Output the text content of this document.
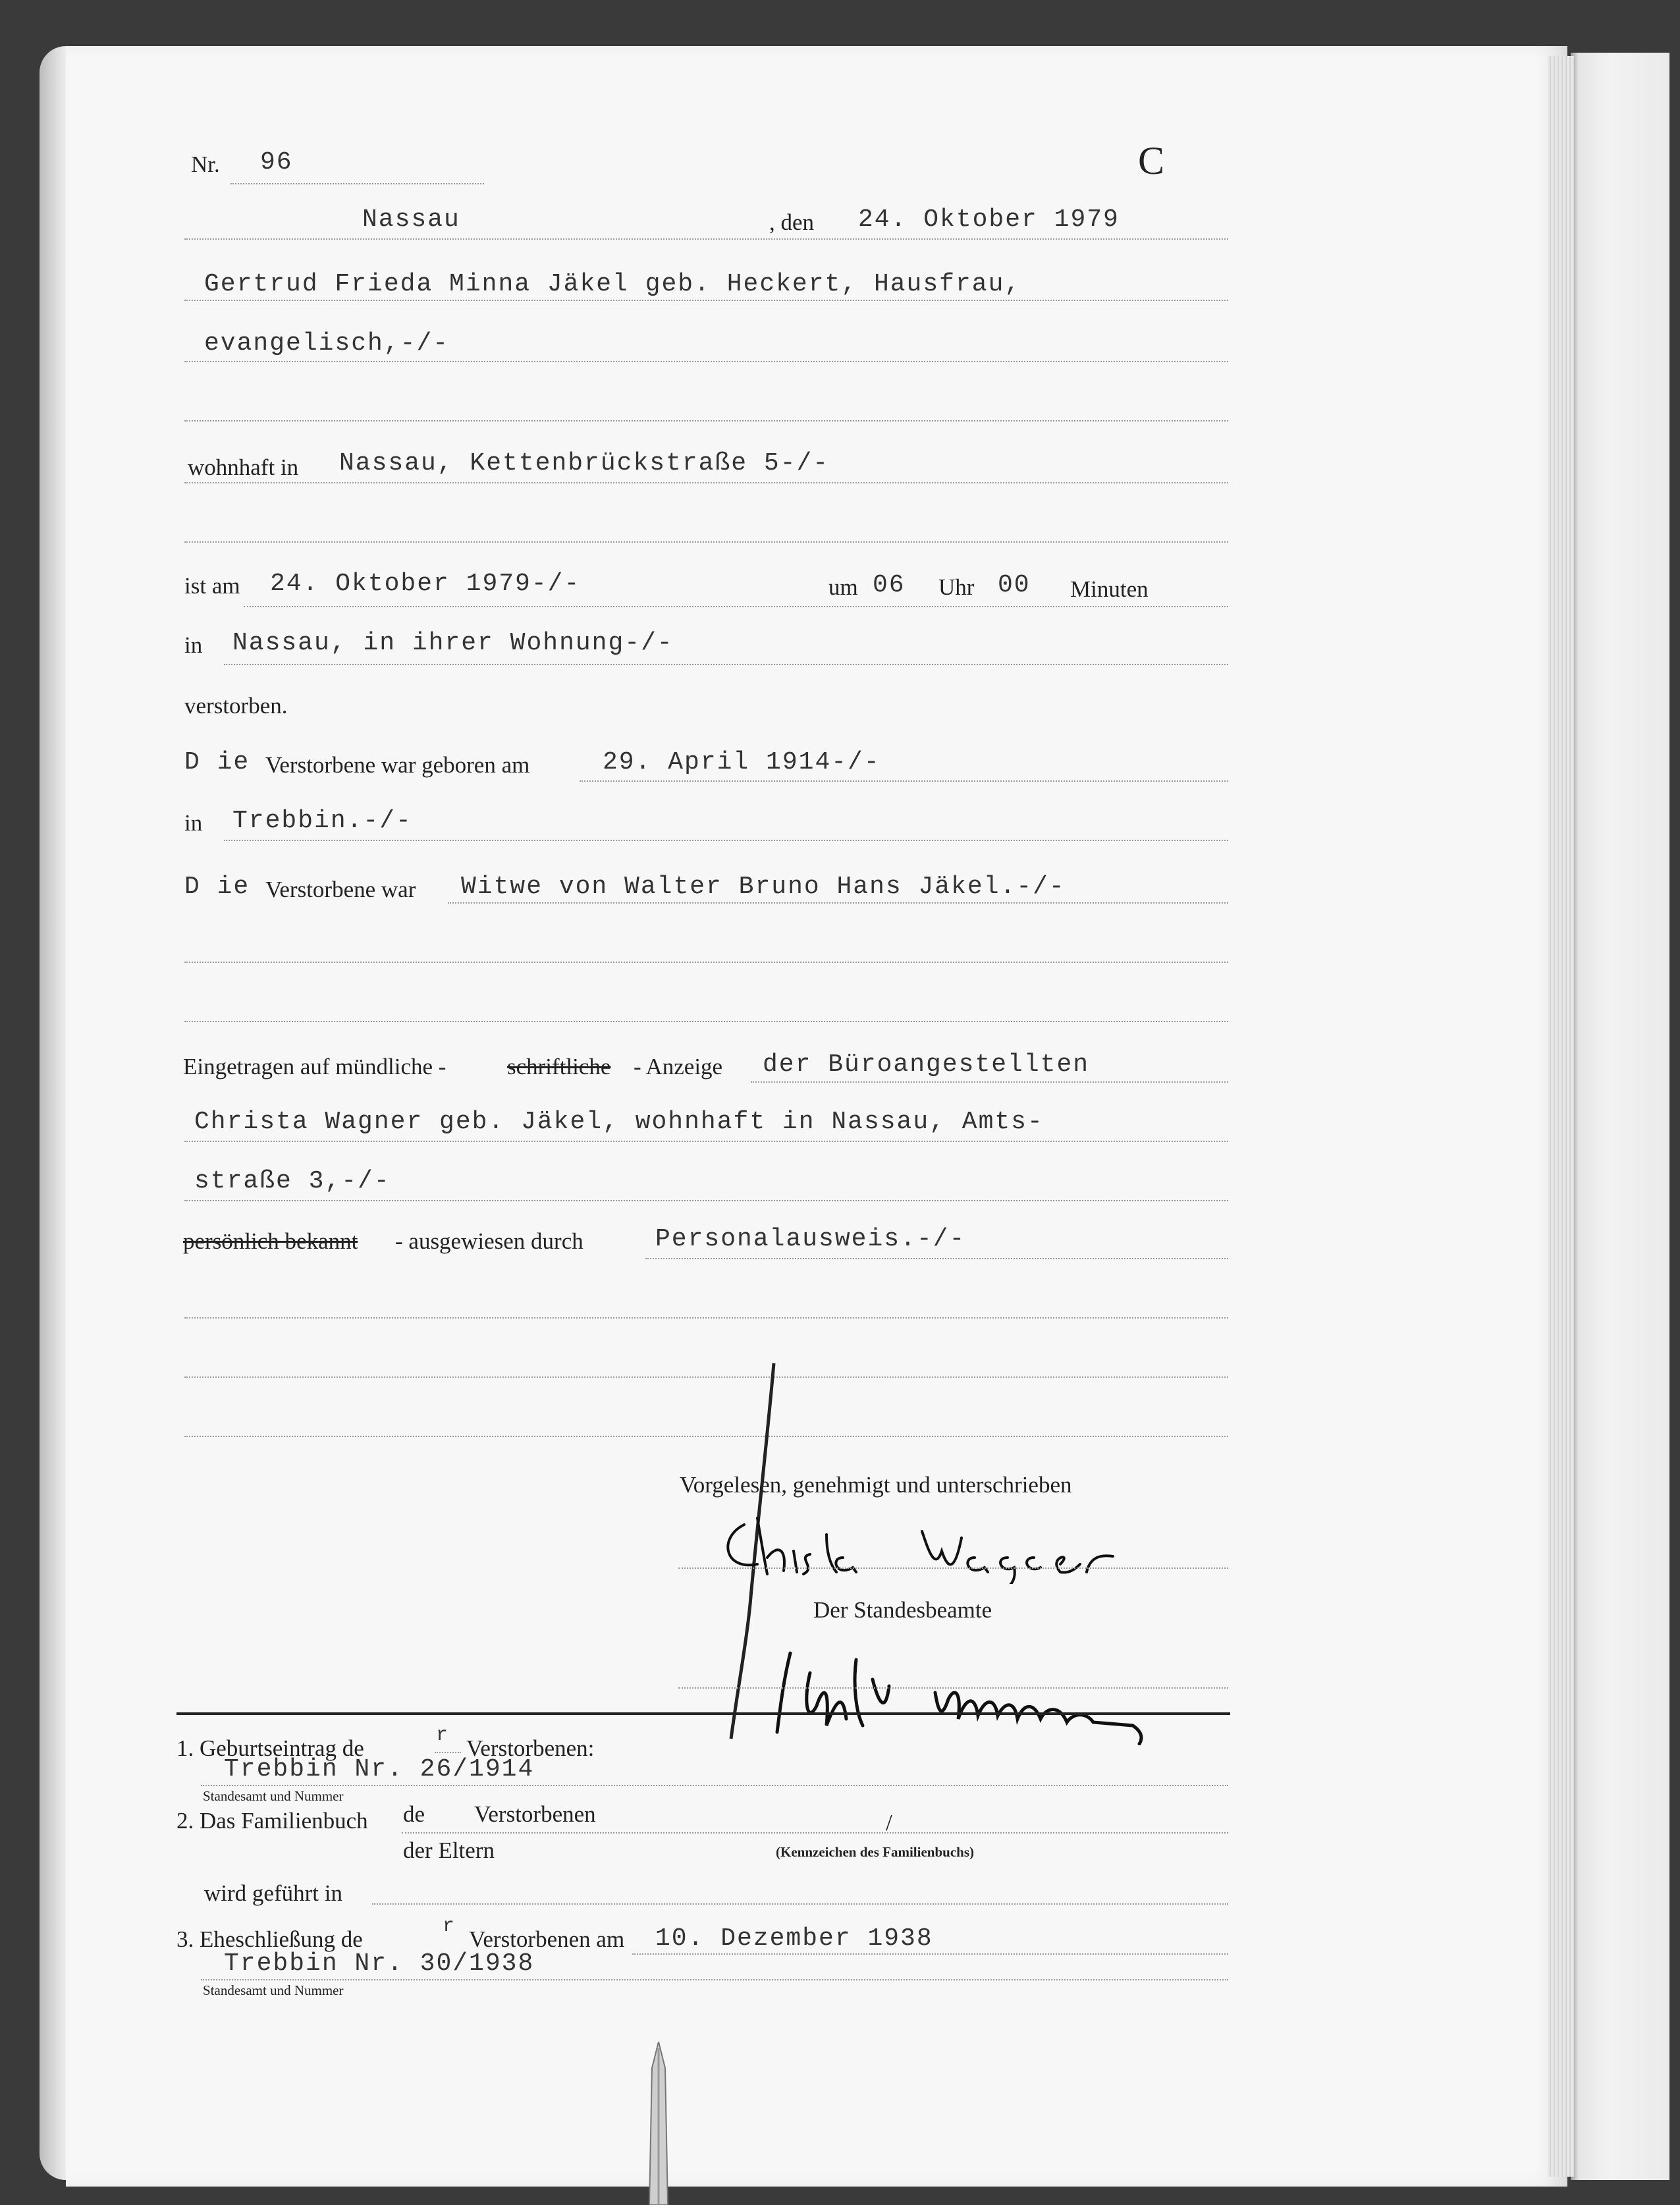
Nr. 96	C
Nassau	, den 24. Oktober 1979
Gertrud Frieda Minna Jäkel geb. Heckert, Hausfrau,
evangelisch,-/-
wohnhaft in Nassau, Kettenbrückstraße 5-/-
ist am 24. Oktober 1979-/-	um 06 Uhr 00 Minuten
in Nassau, in ihrer Wohnung-/-
verstorben.
D ie Verstorbene war geboren am	29. April 1914-/-
in Trebbin.-/-
D ie Verstorbene war Witwe von Walter Bruno Hans Jäkel.-/-
Eingetragen auf mündliche -	schriftliche - Anzeige der Büroangestellten
Christa Wagner geb. Jäkel, wohnhaft in Nassau, Amts-
straße 3,-/-
persönlich bekannt - ausgewiesen durch	Personalausweis.-/-
Vorgelesen, genehmigt und unterschrieben
Der Standesbeamte
1. Geburtseintrag de	r Verstorbenen:
Trebbin Nr. 26/1914
Standesamt und Nummer
2. Das Familienbuch de Verstorbenen
der Eltern
/
(Kennzeichen des Familienbuchs)
wird geführt in
3. Eheschließung de	r Verstorbenen am 10. Dezember 1938
Trebbin Nr. 30/1938
Standesamt und Nummer
